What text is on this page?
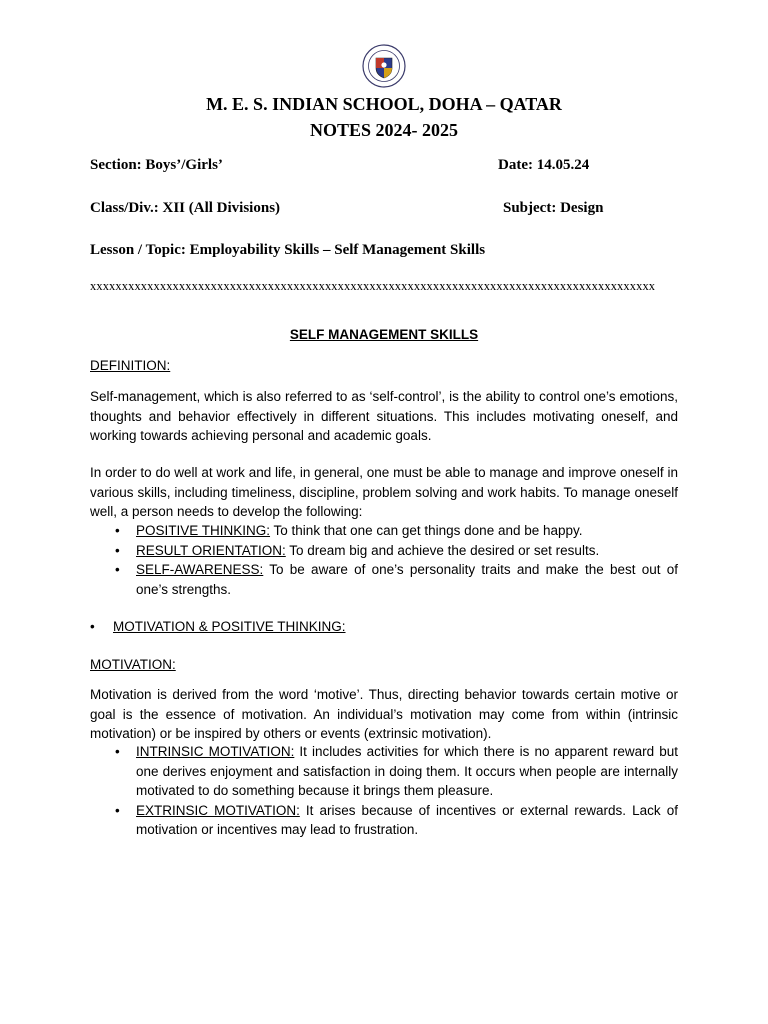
M. E. S. INDIAN SCHOOL, DOHA – QATAR
NOTES 2024- 2025
Section: Boys’/Girls’	Date: 14.05.24
Class/Div.: XII (All Divisions)	Subject: Design
Lesson / Topic: Employability Skills – Self Management Skills
xxxxxxxxxxxxxxxxxxxxxxxxxxxxxxxxxxxxxxxxxxxxxxxxxxxxxxxxxxxxxxxxxxxxxxxxxxxxxxxxxxxxxxxxx
SELF MANAGEMENT SKILLS
DEFINITION:
Self-management, which is also referred to as ‘self-control’, is the ability to control one’s emotions, thoughts and behavior effectively in different situations. This includes motivating oneself, and working towards achieving personal and academic goals.
In order to do well at work and life, in general, one must be able to manage and improve oneself in various skills, including timeliness, discipline, problem solving and work habits. To manage oneself well, a person needs to develop the following:
• POSITIVE THINKING: To think that one can get things done and be happy.
• RESULT ORIENTATION: To dream big and achieve the desired or set results.
• SELF-AWARENESS: To be aware of one’s personality traits and make the best out of one’s strengths.
• MOTIVATION & POSITIVE THINKING:
MOTIVATION:
Motivation is derived from the word ‘motive’. Thus, directing behavior towards certain motive or goal is the essence of motivation. An individual’s motivation may come from within (intrinsic motivation) or be inspired by others or events (extrinsic motivation).
• INTRINSIC MOTIVATION: It includes activities for which there is no apparent reward but one derives enjoyment and satisfaction in doing them. It occurs when people are internally motivated to do something because it brings them pleasure.
• EXTRINSIC MOTIVATION: It arises because of incentives or external rewards. Lack of motivation or incentives may lead to frustration.
